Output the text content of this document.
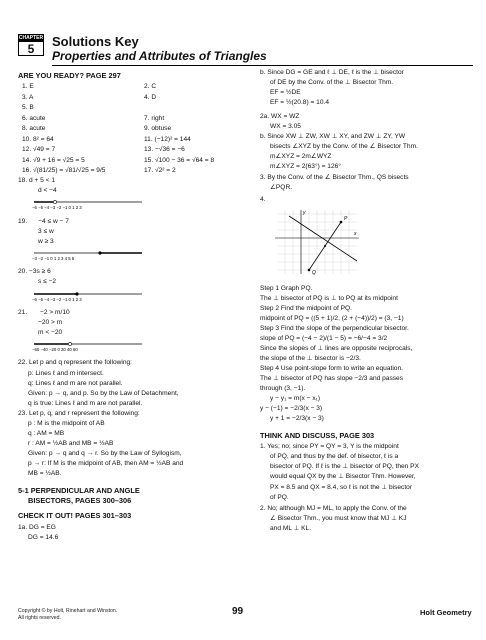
CHAPTER
5	Solutions Key
Properties and Attributes of Triangles
ARE YOU READY? PAGE 297
1. E	2. C
3. A	4. D
5. B
6. acute	7. right
8. acute	9. obtuse
10. 8² = 64	11. (−12)² = 144
12. √49 = 7	13. −√36 = −6
14. √9 + 16 = √25 = 5	15. √100 − 36 = √64 = 8
16. √(81/25) = √81/√25 = 9/5	17. √2² = 2
18. d + 5 < 1
d < −4
−6 −5 −4 −3 −2 −1 0 1 2 3
19.      −4 ≤ w − 7
3 ≤ w
w ≥ 3
−3 −2 −1 0 1 2 3 4 5 6
20. −3s ≥ 6
s ≤ −2
−6 −5 −4 −3 −2 −1 0 1 2 3
21.       −2 > m/10
−20 > m
m < −20
−60 −40 −20 0 20 40 60
22. Let p and q represent the following:
p: Lines ℓ and m intersect.
q: Lines ℓ and m are not parallel.
Given: p → q, and p. So by the Law of Detachment,
q is true: Lines ℓ and m are not parallel.
23. Let p, q, and r represent the following:
p : M is the midpoint of AB
q : AM = MB
r : AM = ½AB and MB = ½AB
Given: p → q and q → r. So by the Law of Syllogism,
p → r: If M is the midpoint of AB, then AM = ½AB and
MB = ½AB.
5-1 PERPENDICULAR AND ANGLE
BISECTORS, PAGES 300–306
CHECK IT OUT! PAGES 301–303
1a. DG = EG
DG = 14.6
b. Since DG = GE and ℓ ⊥ DE, ℓ is the ⊥ bisector
of DE by the Conv. of the ⊥ Bisector Thm.
EF = ½DE
EF = ½(20.8) = 10.4
2a. WX = WZ
WX = 3.05
b. Since XW ⊥ ZW, XW ⊥ XY, and ZW ⊥ ZY, YW
bisects ∠XYZ by the Conv. of the ∠ Bisector Thm.
m∠XYZ = 2m∠WYZ
m∠XYZ = 2(63°) = 126°
3. By the Conv. of the ∠ Bisector Thm., QS bisects
∠PQR.
4.
y
x
P
Q
Step 1 Graph PQ.
The ⊥ bisector of PQ is ⊥ to PQ at its midpoint
Step 2 Find the midpoint of PQ.
midpoint of PQ = ((5 + 1)/2, (2 + (−4))/2) = (3, −1)
Step 3 Find the slope of the perpendicular bisector.
slope of PQ = (−4 − 2)/(1 − 5) = −6/−4 = 3/2
Since the slopes of ⊥ lines are opposite reciprocals,
the slope of the ⊥ bisector is −2/3.
Step 4 Use point-slope form to write an equation.
The ⊥ bisector of PQ has slope −2/3 and passes
through (3, −1).
y − y₁ = m(x − x₁)
y − (−1) = −2/3(x − 3)
y + 1 = −2/3(x − 3)
THINK AND DISCUSS, PAGE 303
1. Yes; no; since PY = QY = 3, Y is the midpoint
of PQ, and thus by the def. of bisector, ℓ is a
bisector of PQ. If ℓ is the ⊥ bisector of PQ, then PX
would equal QX by the ⊥ Bisector Thm. However,
PX = 8.5 and QX = 8.4, so ℓ is not the ⊥ bisector
of PQ.
2. No; although MJ = ML, to apply the Conv. of the
∠ Bisector Thm., you must know that MJ ⊥ KJ
and ML ⊥ KL.
Copyright © by Holt, Rinehart and Winston.
All rights reserved.
99	Holt Geometry
